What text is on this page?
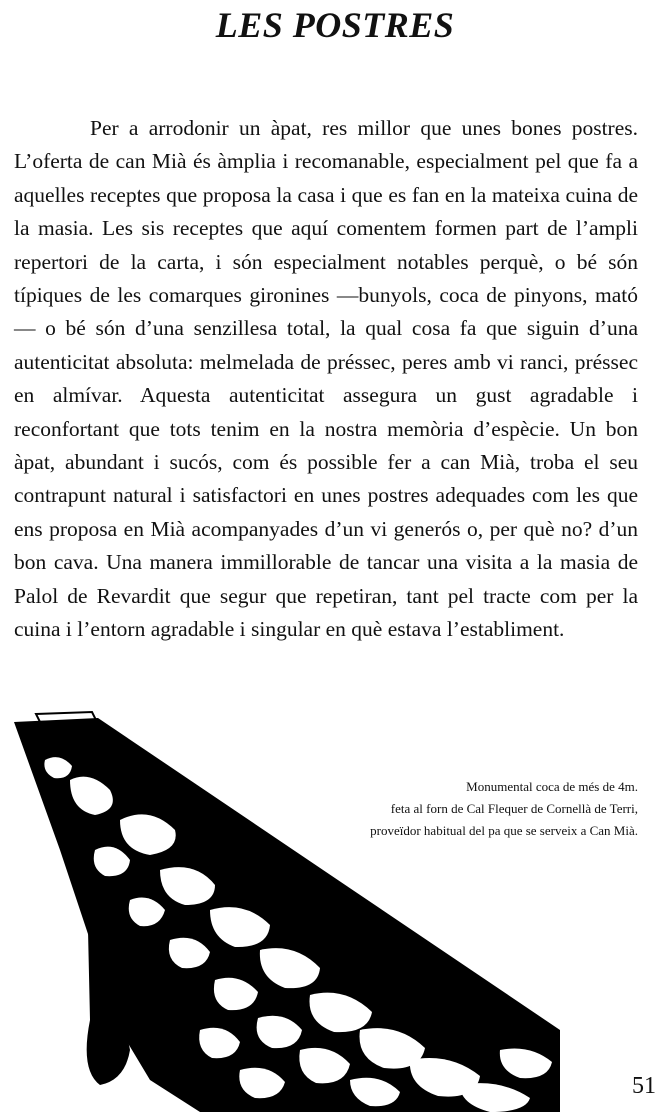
LES POSTRES

Per a arrodonir un àpat, res millor que unes bones postres. L’oferta de can Mià és àmplia i recomanable, especialment pel que fa a aquelles receptes que proposa la casa i que es fan en la mateixa cuina de la masia. Les sis receptes que aquí comentem formen part de l’ampli repertori de la carta, i són especialment notables perquè, o bé són típiques de les comarques gironines —bunyols, coca de pinyons, mató— o bé són d’una senzillesa total, la qual cosa fa que siguin d’una autenticitat absoluta: melmelada de préssec, peres amb vi ranci, préssec en almívar. Aquesta autenticitat assegura un gust agradable i reconfortant que tots tenim en la nostra memòria d’espècie. Un bon àpat, abundant i sucós, com és possible fer a can Mià, troba el seu contrapunt natural i satisfactori en unes postres adequades com les que ens proposa en Mià acompanyades d’un vi generós o, per què no? d’un bon cava. Una manera immillorable de tancar una visita a la masia de Palol de Revardit que segur que repetiran, tant pel tracte com per la cuina i l’entorn agradable i singular en què estava l’establiment.

Monumental coca de més de 4m.
feta al forn de Cal Flequer de Cornellà de Terri,
proveïdor habitual del pa que se serveix a Can Mià.

51
